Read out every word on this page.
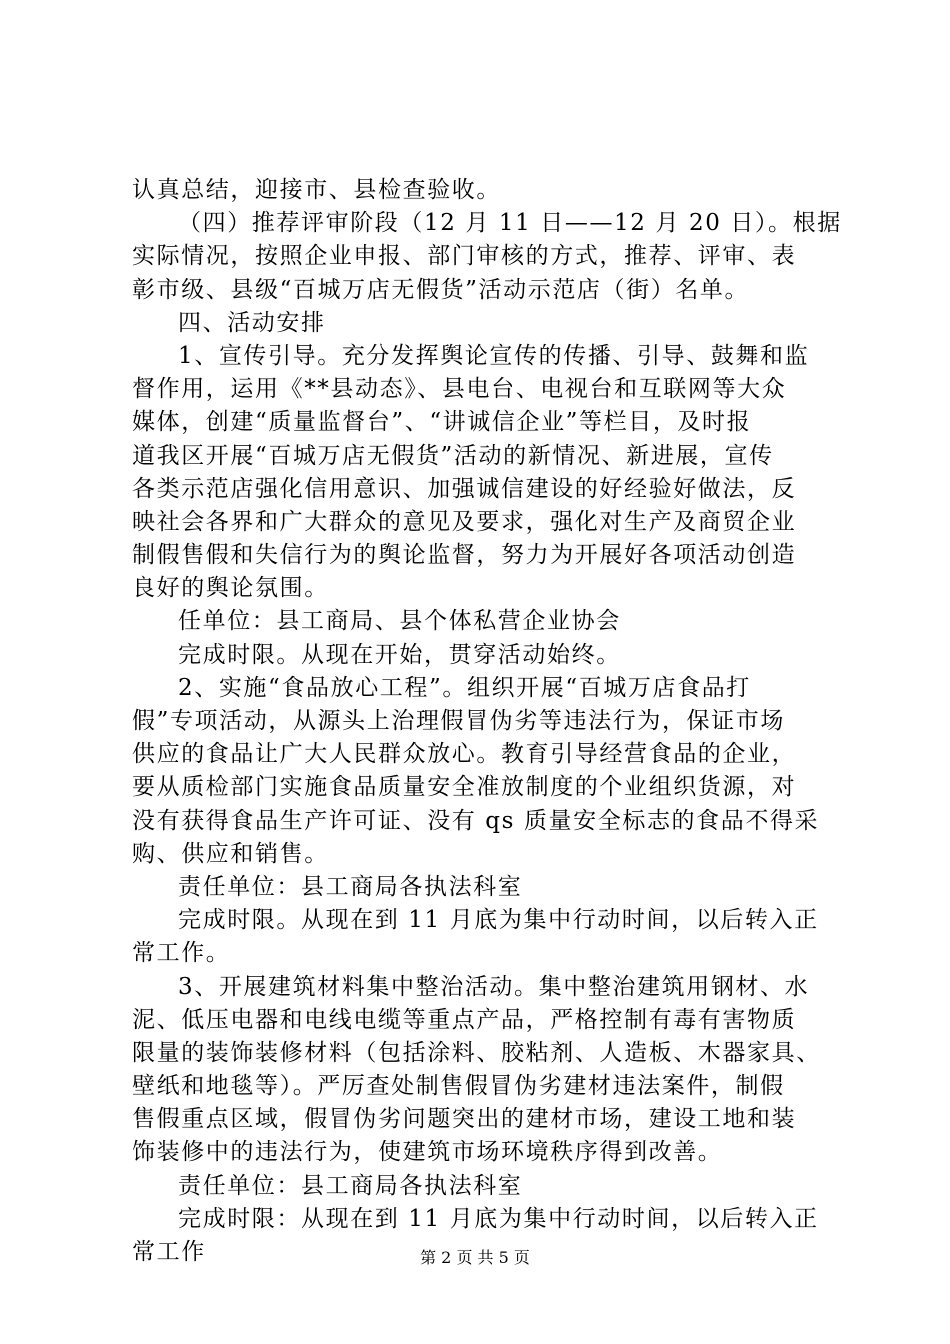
认真总结，迎接市、县检查验收。
（四）推荐评审阶段（12 月 11 日——12 月 20 日）。根据
实际情况，按照企业申报、部门审核的方式，推荐、评审、表
彰市级、县级“百城万店无假货”活动示范店（街）名单。
四、活动安排
1、宣传引导。充分发挥舆论宣传的传播、引导、鼓舞和监
督作用，运用《**县动态》、县电台、电视台和互联网等大众
媒体，创建“质量监督台”、“讲诚信企业”等栏目，及时报
道我区开展“百城万店无假货”活动的新情况、新进展，宣传
各类示范店强化信用意识、加强诚信建设的好经验好做法，反
映社会各界和广大群众的意见及要求，强化对生产及商贸企业
制假售假和失信行为的舆论监督，努力为开展好各项活动创造
良好的舆论氛围。
任单位：县工商局、县个体私营企业协会
完成时限。从现在开始，贯穿活动始终。
2、实施“食品放心工程”。组织开展“百城万店食品打
假”专项活动，从源头上治理假冒伪劣等违法行为，保证市场
供应的食品让广大人民群众放心。教育引导经营食品的企业，
要从质检部门实施食品质量安全准放制度的个业组织货源，对
没有获得食品生产许可证、没有 qs 质量安全标志的食品不得采
购、供应和销售。
责任单位：县工商局各执法科室
完成时限。从现在到 11 月底为集中行动时间，以后转入正
常工作。
3、开展建筑材料集中整治活动。集中整治建筑用钢材、水
泥、低压电器和电线电缆等重点产品，严格控制有毒有害物质
限量的装饰装修材料（包括涂料、胶粘剂、人造板、木器家具、
壁纸和地毯等）。严厉查处制售假冒伪劣建材违法案件，制假
售假重点区域，假冒伪劣问题突出的建材市场，建设工地和装
饰装修中的违法行为，使建筑市场环境秩序得到改善。
责任单位：县工商局各执法科室
完成时限：从现在到 11 月底为集中行动时间，以后转入正
常工作	第 2 页 共 5 页
